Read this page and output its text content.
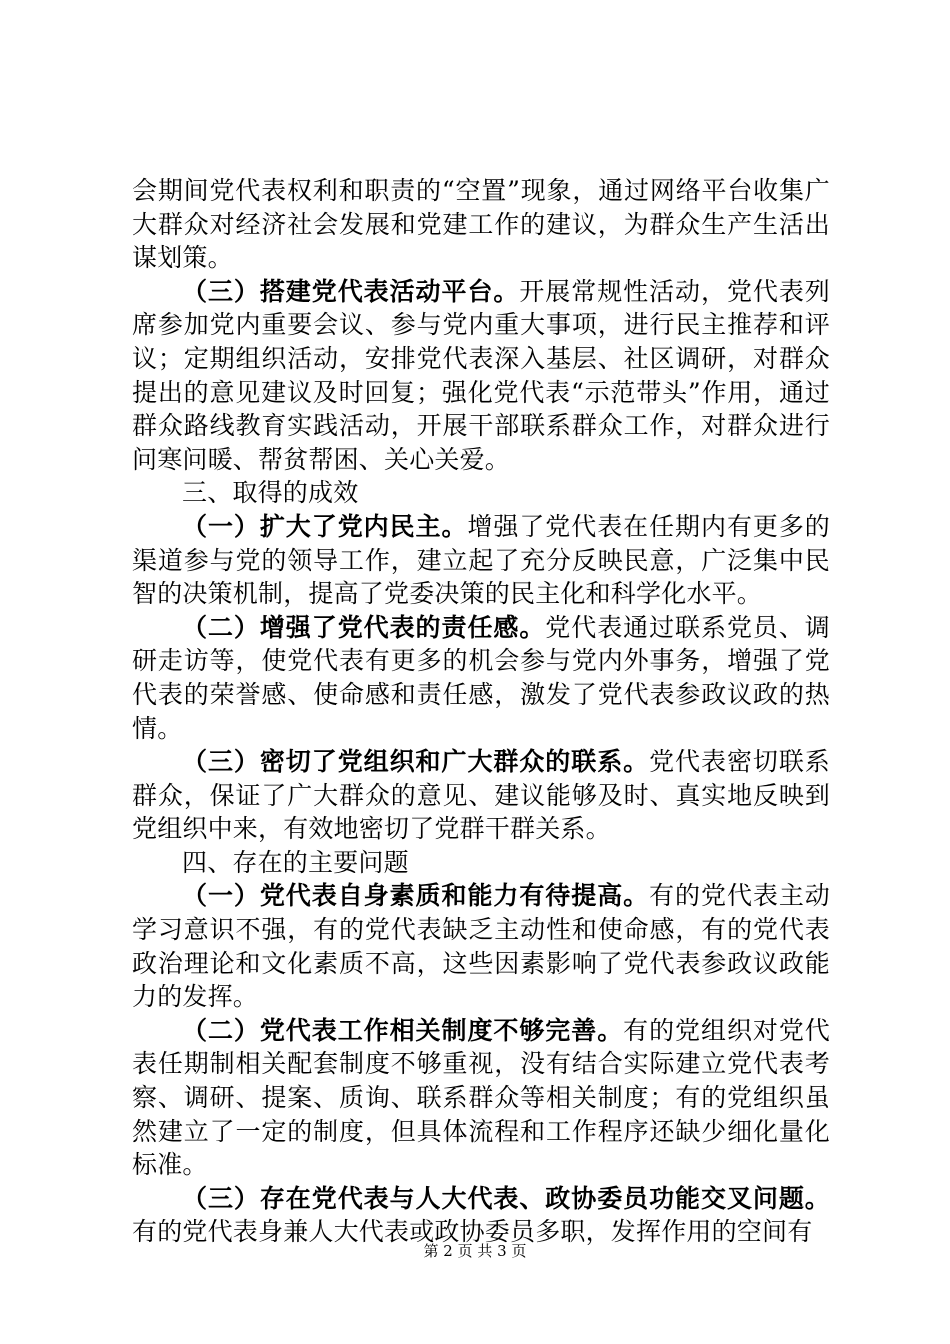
会期间党代表权利和职责的“空置”现象，通过网络平台收集广大群众对经济社会发展和党建工作的建议，为群众生产生活出谋划策。

（三）搭建党代表活动平台。开展常规性活动，党代表列席参加党内重要会议、参与党内重大事项，进行民主推荐和评议；定期组织活动，安排党代表深入基层、社区调研，对群众提出的意见建议及时回复；强化党代表“示范带头”作用，通过群众路线教育实践活动，开展干部联系群众工作，对群众进行问寒问暖、帮贫帮困、关心关爱。

三、取得的成效

（一）扩大了党内民主。增强了党代表在任期内有更多的渠道参与党的领导工作，建立起了充分反映民意，广泛集中民智的决策机制，提高了党委决策的民主化和科学化水平。

（二）增强了党代表的责任感。党代表通过联系党员、调研走访等，使党代表有更多的机会参与党内外事务，增强了党代表的荣誉感、使命感和责任感，激发了党代表参政议政的热情。

（三）密切了党组织和广大群众的联系。党代表密切联系群众，保证了广大群众的意见、建议能够及时、真实地反映到党组织中来，有效地密切了党群干群关系。

四、存在的主要问题

（一）党代表自身素质和能力有待提高。有的党代表主动学习意识不强，有的党代表缺乏主动性和使命感，有的党代表政治理论和文化素质不高，这些因素影响了党代表参政议政能力的发挥。

（二）党代表工作相关制度不够完善。有的党组织对党代表任期制相关配套制度不够重视，没有结合实际建立党代表考察、调研、提案、质询、联系群众等相关制度；有的党组织虽然建立了一定的制度，但具体流程和工作程序还缺少细化量化标准。

（三）存在党代表与人大代表、政协委员功能交叉问题。有的党代表身兼人大代表或政协委员多职，发挥作用的空间有

第 2 页 共 3 页
